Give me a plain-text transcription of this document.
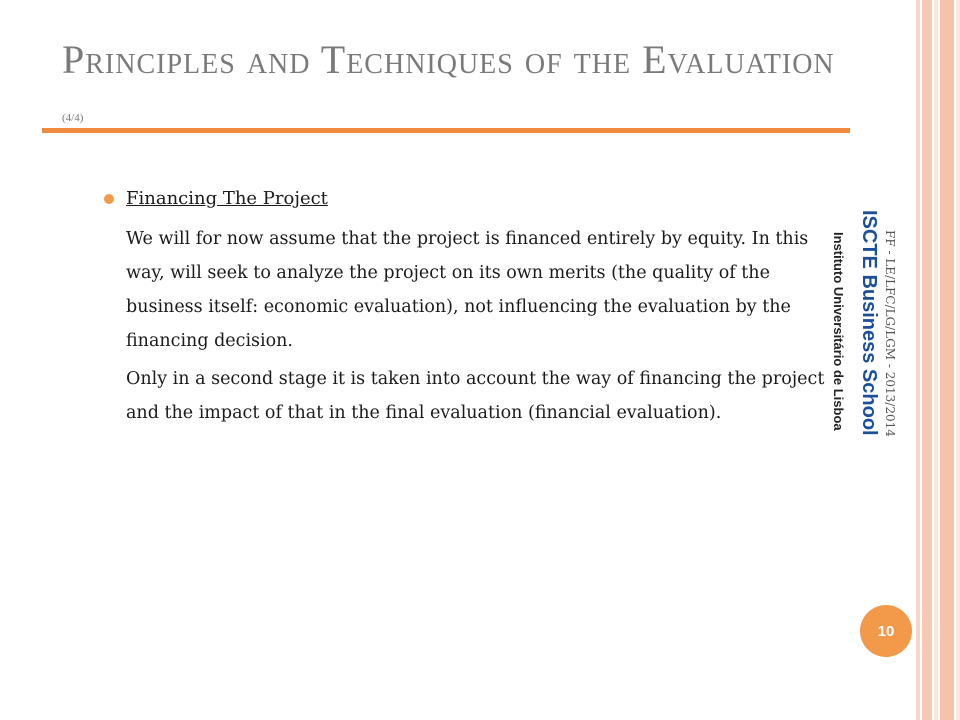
Principles and Techniques of the Evaluation (4/4)
Financing The Project
We will for now assume that the project is financed entirely by equity. In this way, will seek to analyze the project on its own merits (the quality of the business itself: economic evaluation), not influencing the evaluation by the financing decision.
Only in a second stage it is taken into account the way of financing the project and the impact of that in the final evaluation (financial evaluation).	ISCTE Business School
Instituto Universitário de Lisboa	FF - LE/LFC/LG/LGM - 2013/2014
10
